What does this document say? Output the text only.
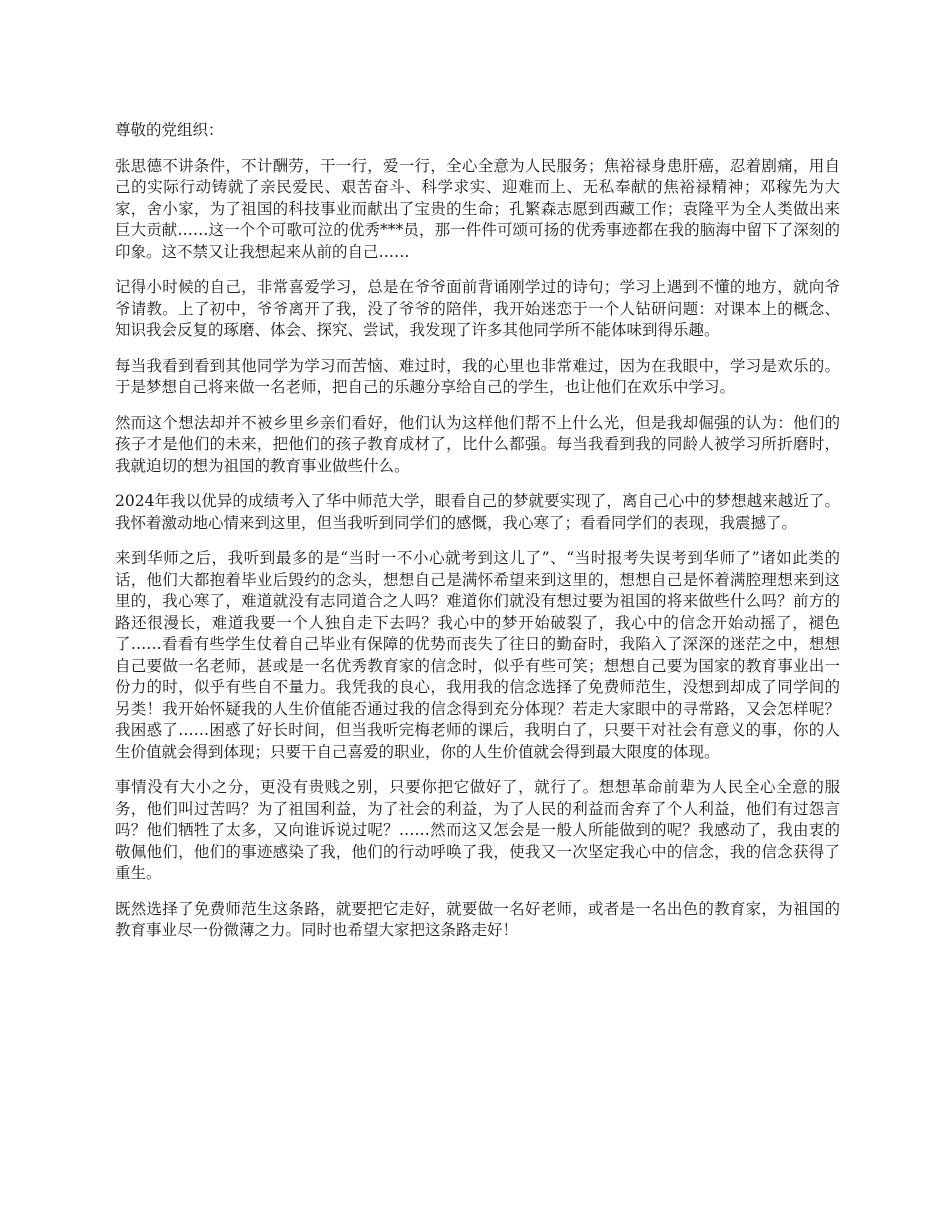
尊敬的党组织：

张思德不讲条件，不计酬劳，干一行，爱一行，全心全意为人民服务；焦裕禄身患肝癌，忍着剧痛，用自己的实际行动铸就了亲民爱民、艰苦奋斗、科学求实、迎难而上、无私奉献的焦裕禄精神；邓稼先为大家，舍小家，为了祖国的科技事业而献出了宝贵的生命；孔繁森志愿到西藏工作；袁隆平为全人类做出来巨大贡献……这一个个可歌可泣的优秀***员，那一件件可颂可扬的优秀事迹都在我的脑海中留下了深刻的印象。这不禁又让我想起来从前的自己……

记得小时候的自己，非常喜爱学习，总是在爷爷面前背诵刚学过的诗句；学习上遇到不懂的地方，就向爷爷请教。上了初中，爷爷离开了我，没了爷爷的陪伴，我开始迷恋于一个人钻研问题：对课本上的概念、知识我会反复的琢磨、体会、探究、尝试，我发现了许多其他同学所不能体味到得乐趣。

每当我看到看到其他同学为学习而苦恼、难过时，我的心里也非常难过，因为在我眼中，学习是欢乐的。于是梦想自己将来做一名老师，把自己的乐趣分享给自己的学生，也让他们在欢乐中学习。

然而这个想法却并不被乡里乡亲们看好，他们认为这样他们帮不上什么光，但是我却倔强的认为：他们的孩子才是他们的未来，把他们的孩子教育成材了，比什么都强。每当我看到我的同龄人被学习所折磨时，我就迫切的想为祖国的教育事业做些什么。

2024年我以优异的成绩考入了华中师范大学，眼看自己的梦就要实现了，离自己心中的梦想越来越近了。我怀着激动地心情来到这里，但当我听到同学们的感慨，我心寒了；看看同学们的表现，我震撼了。

来到华师之后，我听到最多的是“当时一不小心就考到这儿了”、“当时报考失误考到华师了”诸如此类的话，他们大都抱着毕业后毁约的念头，想想自己是满怀希望来到这里的，想想自己是怀着满腔理想来到这里的，我心寒了，难道就没有志同道合之人吗？难道你们就没有想过要为祖国的将来做些什么吗？前方的路还很漫长，难道我要一个人独自走下去吗？我心中的梦开始破裂了，我心中的信念开始动摇了，褪色了……看看有些学生仗着自己毕业有保障的优势而丧失了往日的勤奋时，我陷入了深深的迷茫之中，想想自己要做一名老师，甚或是一名优秀教育家的信念时，似乎有些可笑；想想自己要为国家的教育事业出一份力的时，似乎有些自不量力。我凭我的良心，我用我的信念选择了免费师范生，没想到却成了同学间的另类！我开始怀疑我的人生价值能否通过我的信念得到充分体现？若走大家眼中的寻常路，又会怎样呢？我困惑了……困惑了好长时间，但当我听完梅老师的课后，我明白了，只要干对社会有意义的事，你的人生价值就会得到体现；只要干自己喜爱的职业，你的人生价值就会得到最大限度的体现。

事情没有大小之分，更没有贵贱之别，只要你把它做好了，就行了。想想革命前辈为人民全心全意的服务，他们叫过苦吗？为了祖国利益，为了社会的利益，为了人民的利益而舍弃了个人利益，他们有过怨言吗？他们牺牲了太多，又向谁诉说过呢？……然而这又怎会是一般人所能做到的呢？我感动了，我由衷的敬佩他们，他们的事迹感染了我，他们的行动呼唤了我，使我又一次坚定我心中的信念，我的信念获得了重生。

既然选择了免费师范生这条路，就要把它走好，就要做一名好老师，或者是一名出色的教育家，为祖国的教育事业尽一份微薄之力。同时也希望大家把这条路走好！
